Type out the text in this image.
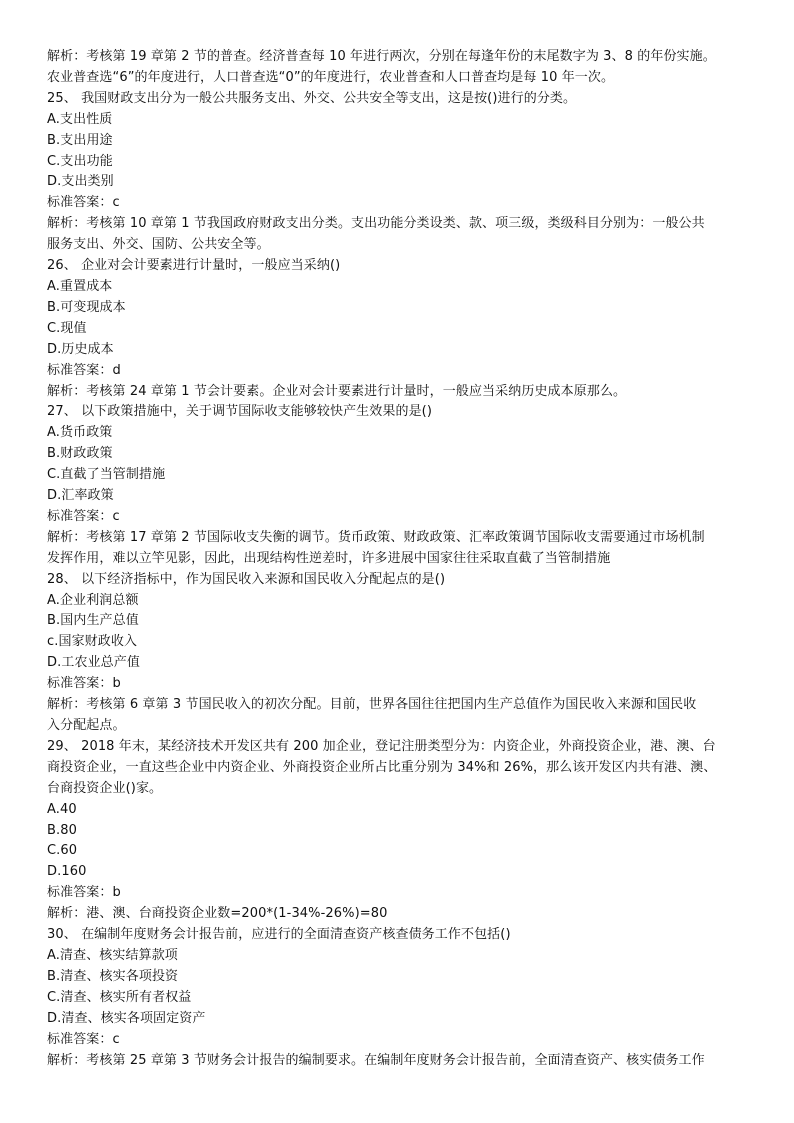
解析：考核第 19 章第 2 节的普查。经济普查每 10 年进行两次，分别在每逢年份的末尾数字为 3、8 的年份实施。
农业普查选“6”的年度进行，人口普查选“0”的年度进行，农业普查和人口普查均是每 10 年一次。
25、 我国财政支出分为一般公共服务支出、外交、公共安全等支出，这是按()进行的分类。
A.支出性质
B.支出用途
C.支出功能
D.支出类别
标准答案：c
解析：考核第 10 章第 1 节我国政府财政支出分类。支出功能分类设类、款、项三级，类级科目分别为：一般公共
服务支出、外交、国防、公共安全等。
26、 企业对会计要素进行计量时，一般应当采纳()
A.重置成本
B.可变现成本
C.现值
D.历史成本
标准答案：d
解析：考核第 24 章第 1 节会计要素。企业对会计要素进行计量时，一般应当采纳历史成本原那么。
27、 以下政策措施中，关于调节国际收支能够较快产生效果的是()
A.货币政策
B.财政政策
C.直截了当管制措施
D.汇率政策
标准答案：c
解析：考核第 17 章第 2 节国际收支失衡的调节。货币政策、财政政策、汇率政策调节国际收支需要通过市场机制
发挥作用，难以立竿见影，因此，出现结构性逆差时，许多进展中国家往往采取直截了当管制措施
28、 以下经济指标中，作为国民收入来源和国民收入分配起点的是()
A.企业利润总额
B.国内生产总值
c.国家财政收入
D.工农业总产值
标准答案：b
解析：考核第 6 章第 3 节国民收入的初次分配。目前，世界各国往往把国内生产总值作为国民收入来源和国民收
入分配起点。
29、 2018 年末，某经济技术开发区共有 200 加企业，登记注册类型分为：内资企业，外商投资企业，港、澳、台
商投资企业，一直这些企业中内资企业、外商投资企业所占比重分别为 34%和 26%，那么该开发区内共有港、澳、
台商投资企业()家。
A.40
B.80
C.60
D.160
标准答案：b
解析：港、澳、台商投资企业数=200*(1-34%-26%)=80
30、 在编制年度财务会计报告前，应进行的全面清查资产核查债务工作不包括()
A.清查、核实结算款项
B.清查、核实各项投资
C.清查、核实所有者权益
D.清查、核实各项固定资产
标准答案：c
解析：考核第 25 章第 3 节财务会计报告的编制要求。在编制年度财务会计报告前，全面清查资产、核实债务工作
